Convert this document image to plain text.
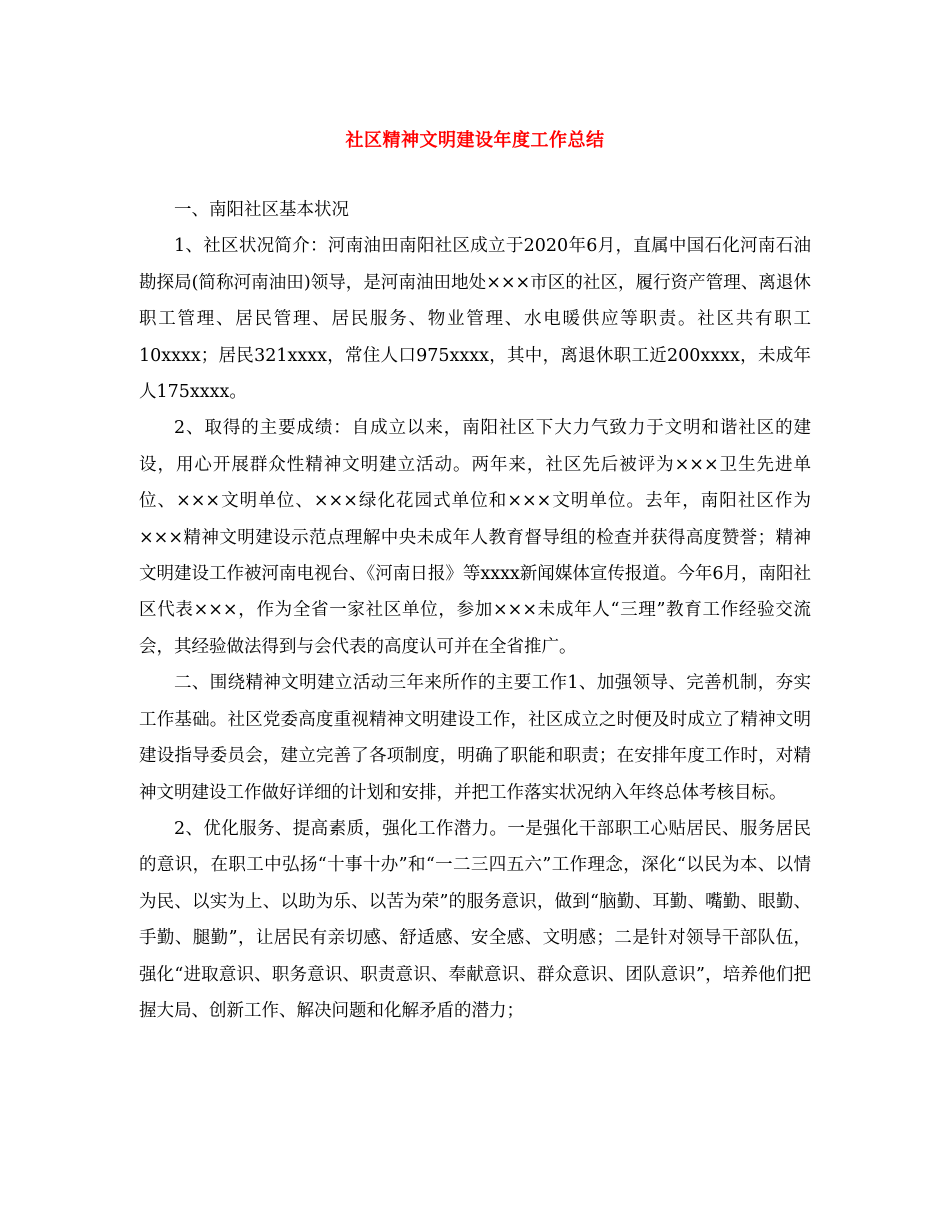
社区精神文明建设年度工作总结

一、南阳社区基本状况

1、社区状况简介：河南油田南阳社区成立于2020年6月，直属中国石化河南石油勘探局(简称河南油田)领导，是河南油田地处×××市区的社区，履行资产管理、离退休职工管理、居民管理、居民服务、物业管理、水电暖供应等职责。社区共有职工10xxxx；居民321xxxx，常住人口975xxxx，其中，离退休职工近200xxxx，未成年人175xxxx。

2、取得的主要成绩：自成立以来，南阳社区下大力气致力于文明和谐社区的建设，用心开展群众性精神文明建立活动。两年来，社区先后被评为×××卫生先进单位、×××文明单位、×××绿化花园式单位和×××文明单位。去年，南阳社区作为×××精神文明建设示范点理解中央未成年人教育督导组的检查并获得高度赞誉；精神文明建设工作被河南电视台、《河南日报》等xxxx新闻媒体宣传报道。今年6月，南阳社区代表×××，作为全省一家社区单位，参加×××未成年人“三理”教育工作经验交流会，其经验做法得到与会代表的高度认可并在全省推广。

二、围绕精神文明建立活动三年来所作的主要工作1、加强领导、完善机制，夯实工作基础。社区党委高度重视精神文明建设工作，社区成立之时便及时成立了精神文明建设指导委员会，建立完善了各项制度，明确了职能和职责；在安排年度工作时，对精神文明建设工作做好详细的计划和安排，并把工作落实状况纳入年终总体考核目标。

2、优化服务、提高素质，强化工作潜力。一是强化干部职工心贴居民、服务居民的意识，在职工中弘扬“十事十办”和“一二三四五六”工作理念，深化“以民为本、以情为民、以实为上、以助为乐、以苦为荣”的服务意识，做到“脑勤、耳勤、嘴勤、眼勤、手勤、腿勤”，让居民有亲切感、舒适感、安全感、文明感；二是针对领导干部队伍，强化“进取意识、职务意识、职责意识、奉献意识、群众意识、团队意识”，培养他们把握大局、创新工作、解决问题和化解矛盾的潜力；
